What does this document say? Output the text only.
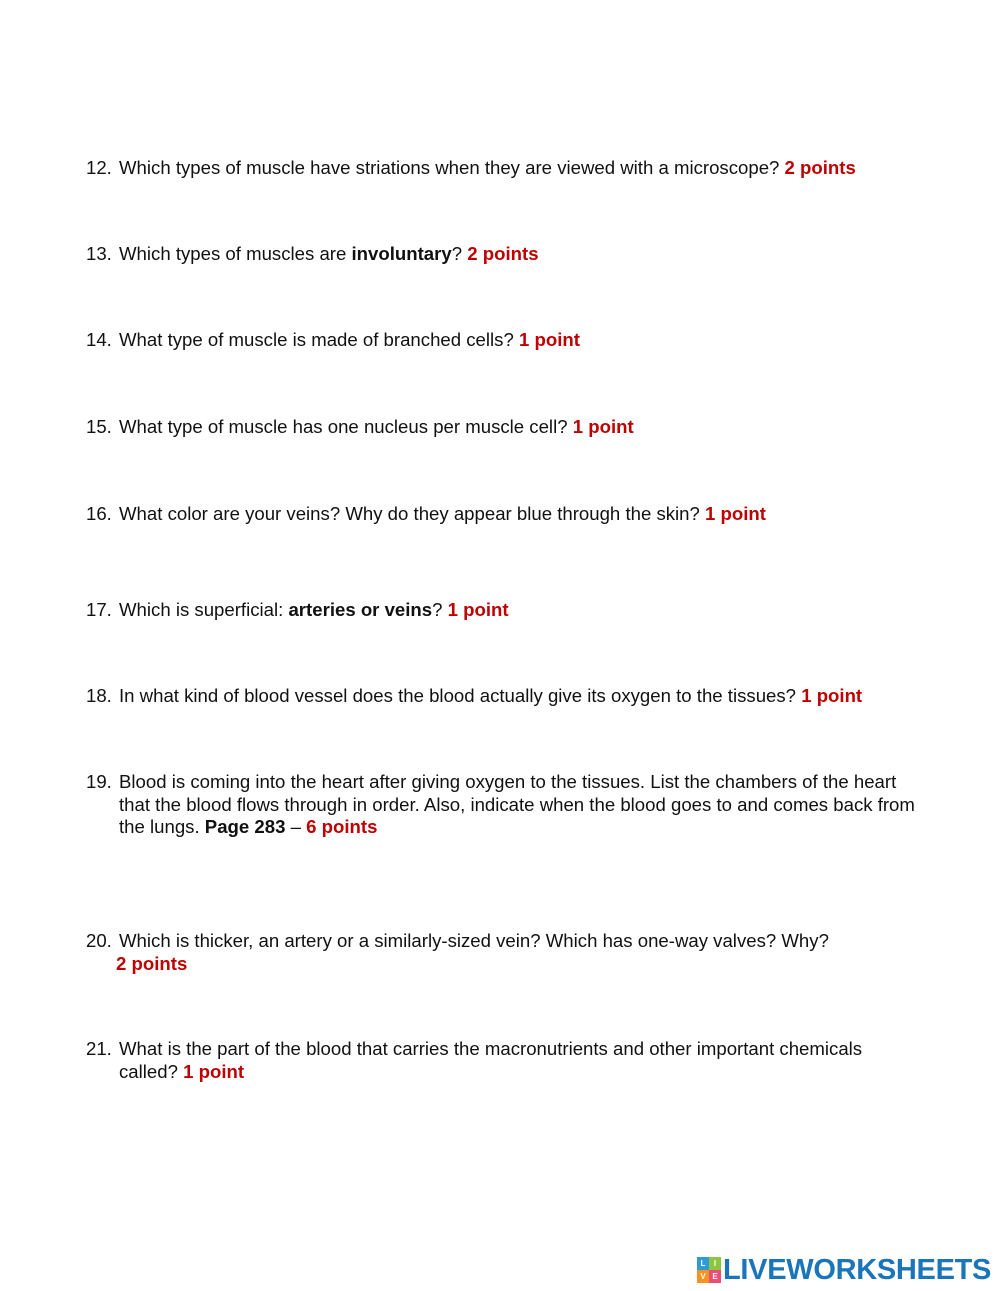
12. Which types of muscle have striations when they are viewed with a microscope? 2 points
13. Which types of muscles are involuntary? 2 points
14. What type of muscle is made of branched cells? 1 point
15. What type of muscle has one nucleus per muscle cell? 1 point
16. What color are your veins? Why do they appear blue through the skin? 1 point
17. Which is superficial: arteries or veins? 1 point
18. In what kind of blood vessel does the blood actually give its oxygen to the tissues? 1 point
19. Blood is coming into the heart after giving oxygen to the tissues. List the chambers of the heart that the blood flows through in order. Also, indicate when the blood goes to and comes back from the lungs. Page 283 – 6 points
20. Which is thicker, an artery or a similarly-sized vein? Which has one-way valves? Why?
2 points
21. What is the part of the blood that carries the macronutrients and other important chemicals called? 1 point
L	I
V E LIVEWORKSHEETS
